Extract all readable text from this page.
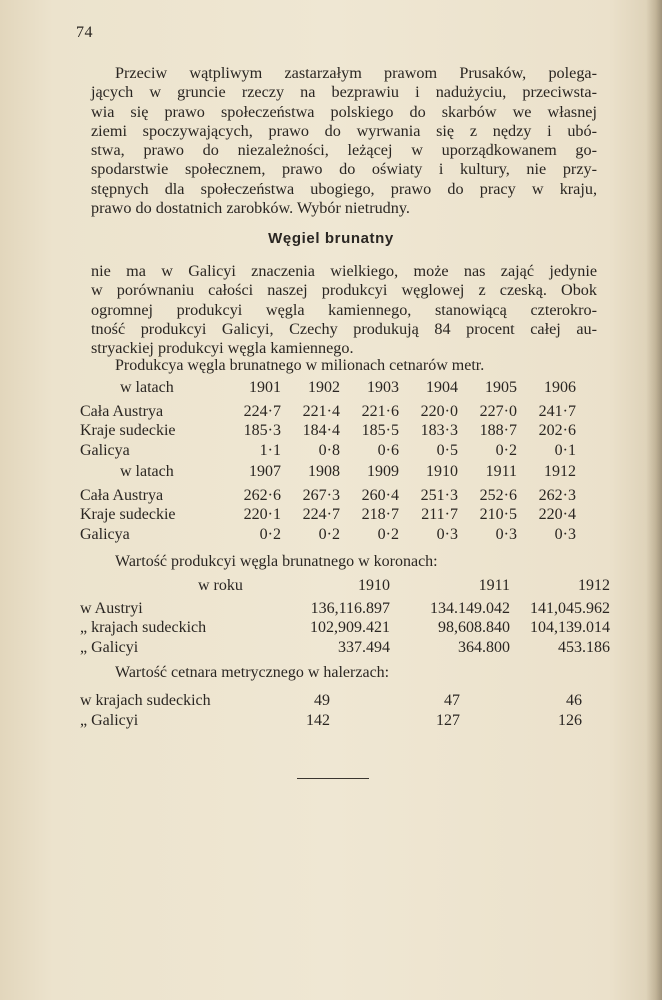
74
Przeciw wątpliwym zastarzałym prawom Prusaków, polega-
jących w gruncie rzeczy na bezprawiu i nadużyciu, przeciwsta-
wia się prawo społeczeństwa polskiego do skarbów we własnej
ziemi spoczywających, prawo do wyrwania się z nędzy i ubó-
stwa, prawo do niezależności, leżącej w uporządkowanem go-
spodarstwie społecznem, prawo do oświaty i kultury, nie przy-
stępnych dla społeczeństwa ubogiego, prawo do pracy w kraju,
prawo do dostatnich zarobków. Wybór nietrudny.
Węgiel brunatny
nie ma w Galicyi znaczenia wielkiego, może nas zająć jedynie
w porównaniu całości naszej produkcyi węglowej z czeską. Obok
ogromnej produkcyi węgla kamiennego, stanowiącą czterokro-
tność produkcyi Galicyi, Czechy produkują 84 procent całej au-
stryackiej produkcyi węgla kamiennego.
Produkcya węgla brunatnego w milionach cetnarów metr.
w latach	1901	1902	1903	1904	1905	1906

Cała Austrya	224·7	221·4	221·6	220·0	227·0	241·7
Kraje sudeckie	185·3	184·4	185·5	183·3	188·7	202·6
Galicya	1·1	0·8	0·6	0·5	0·2	0·1
w latach	1907	1908	1909	1910	1911	1912

Cała Austrya	262·6	267·3	260·4	251·3	252·6	262·3
Kraje sudeckie	220·1	224·7	218·7	211·7	210·5	220·4
Galicya	0·2	0·2	0·2	0·3	0·3	0·3
Wartość produkcyi węgla brunatnego w koronach:
w roku	1910	1911	1912

w Austryi	136,116.897	134.149.042	141,045.962
„ krajach sudeckich	102,909.421	98,608.840	104,139.014
„ Galicyi	337.494	364.800	453.186
Wartość cetnara metrycznego w halerzach:
w krajach sudeckich	49	47	46
„ Galicyi	142	127	126
